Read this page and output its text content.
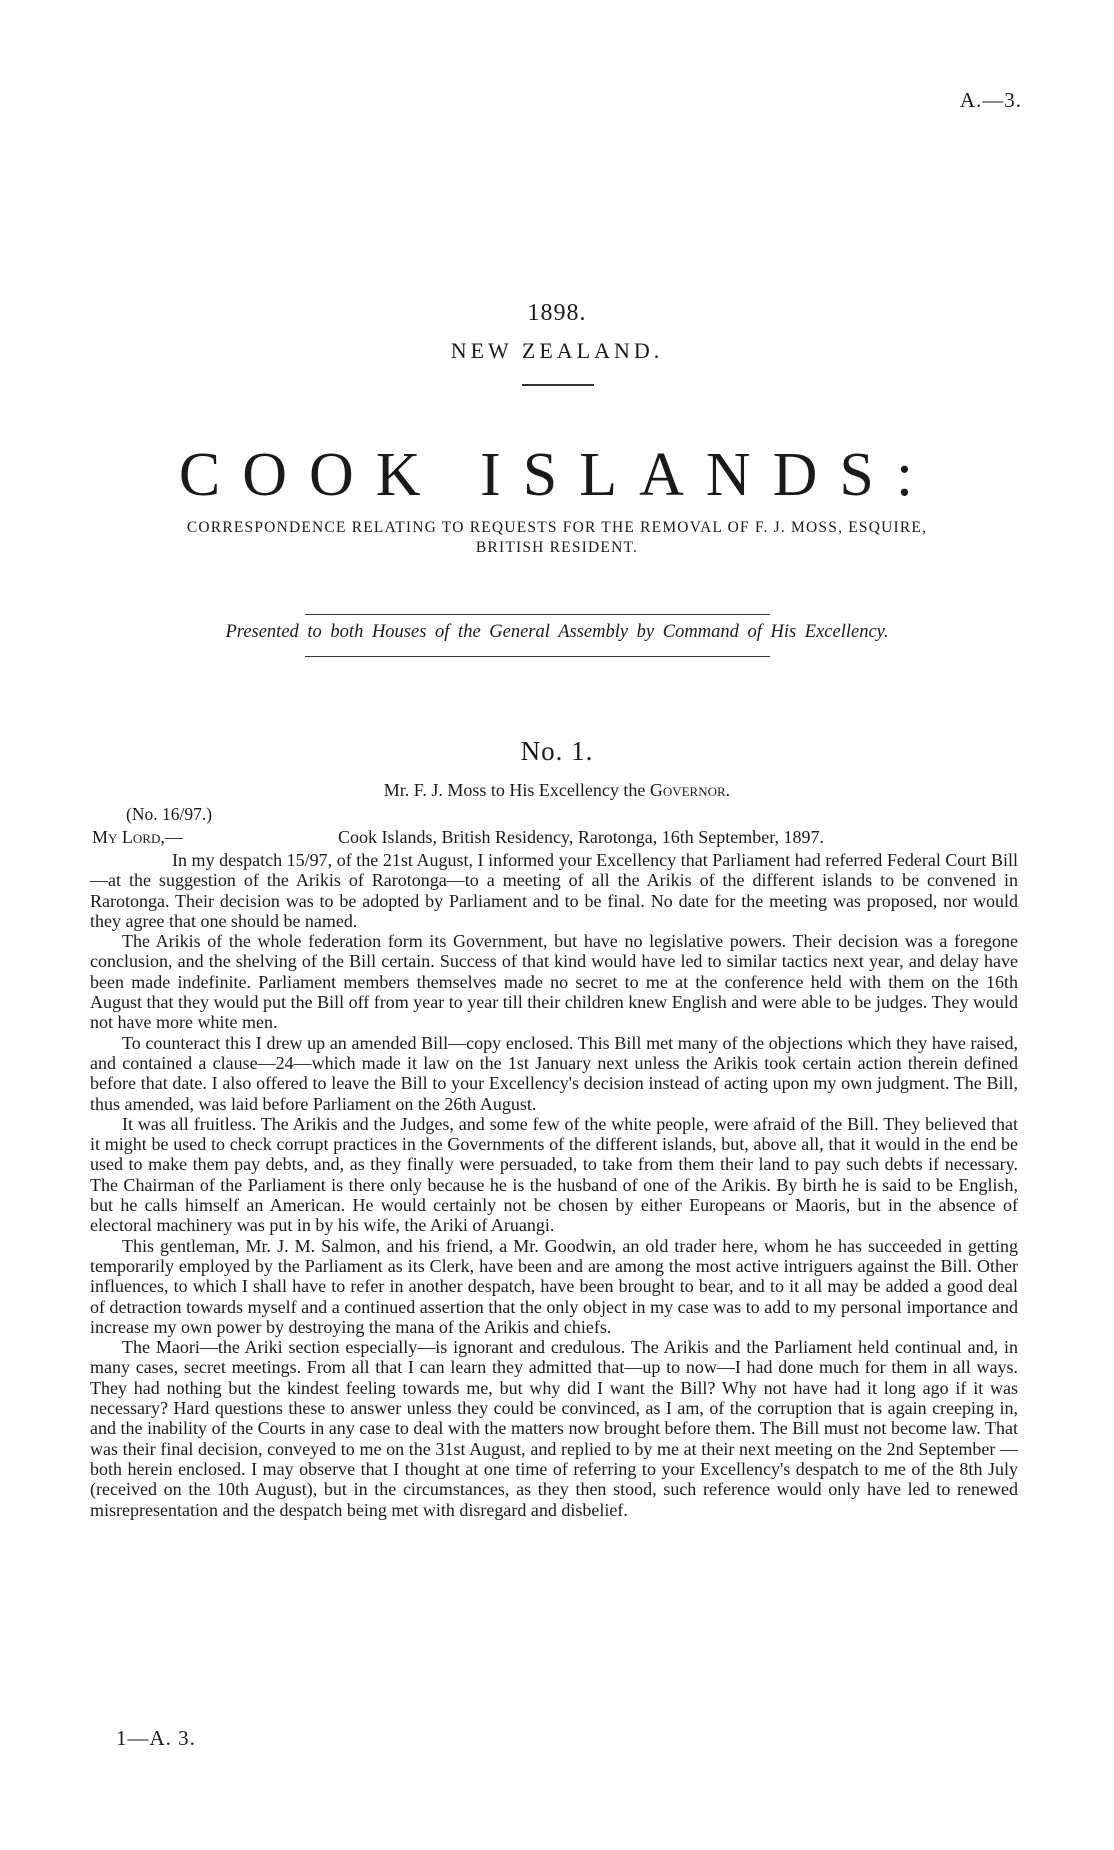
A.—3.
1898.
NEW ZEALAND.
COOK ISLANDS:
CORRESPONDENCE RELATING TO REQUESTS FOR THE REMOVAL OF F. J. MOSS, ESQUIRE,
BRITISH RESIDENT.
Presented to both Houses of the General Assembly by Command of His Excellency.
No. 1.
Mr. F. J. Moss to His Excellency the Governor.
(No. 16/97.)
My Lord,—	Cook Islands, British Residency, Rarotonga, 16th September, 1897.

In my despatch 15/97, of the 21st August, I informed your Excellency that Parliament had referred Federal Court Bill—at the suggestion of the Arikis of Rarotonga—to a meeting of all the Arikis of the different islands to be convened in Rarotonga. Their decision was to be adopted by Parliament and to be final. No date for the meeting was proposed, nor would they agree that one should be named.

The Arikis of the whole federation form its Government, but have no legislative powers. Their decision was a foregone conclusion, and the shelving of the Bill certain. Success of that kind would have led to similar tactics next year, and delay have been made indefinite. Parliament members themselves made no secret to me at the conference held with them on the 16th August that they would put the Bill off from year to year till their children knew English and were able to be judges. They would not have more white men.

To counteract this I drew up an amended Bill—copy enclosed. This Bill met many of the objections which they have raised, and contained a clause—24—which made it law on the 1st January next unless the Arikis took certain action therein defined before that date. I also offered to leave the Bill to your Excellency's decision instead of acting upon my own judgment. The Bill, thus amended, was laid before Parliament on the 26th August.

It was all fruitless. The Arikis and the Judges, and some few of the white people, were afraid of the Bill. They believed that it might be used to check corrupt practices in the Governments of the different islands, but, above all, that it would in the end be used to make them pay debts, and, as they finally were persuaded, to take from them their land to pay such debts if necessary. The Chairman of the Parliament is there only because he is the husband of one of the Arikis. By birth he is said to be English, but he calls himself an American. He would certainly not be chosen by either Europeans or Maoris, but in the absence of electoral machinery was put in by his wife, the Ariki of Aruangi.

This gentleman, Mr. J. M. Salmon, and his friend, a Mr. Goodwin, an old trader here, whom he has succeeded in getting temporarily employed by the Parliament as its Clerk, have been and are among the most active intriguers against the Bill. Other influences, to which I shall have to refer in another despatch, have been brought to bear, and to it all may be added a good deal of detraction towards myself and a continued assertion that the only object in my case was to add to my personal importance and increase my own power by destroying the mana of the Arikis and chiefs.

The Maori—the Ariki section especially—is ignorant and credulous. The Arikis and the Parliament held continual and, in many cases, secret meetings. From all that I can learn they admitted that—up to now—I had done much for them in all ways. They had nothing but the kindest feeling towards me, but why did I want the Bill? Why not have had it long ago if it was necessary? Hard questions these to answer unless they could be convinced, as I am, of the corruption that is again creeping in, and the inability of the Courts in any case to deal with the matters now brought before them. The Bill must not become law. That was their final decision, conveyed to me on the 31st August, and replied to by me at their next meeting on the 2nd September —both herein enclosed. I may observe that I thought at one time of referring to your Excellency's despatch to me of the 8th July (received on the 10th August), but in the circumstances, as they then stood, such reference would only have led to renewed misrepresentation and the despatch being met with disregard and disbelief.

1—A. 3.
